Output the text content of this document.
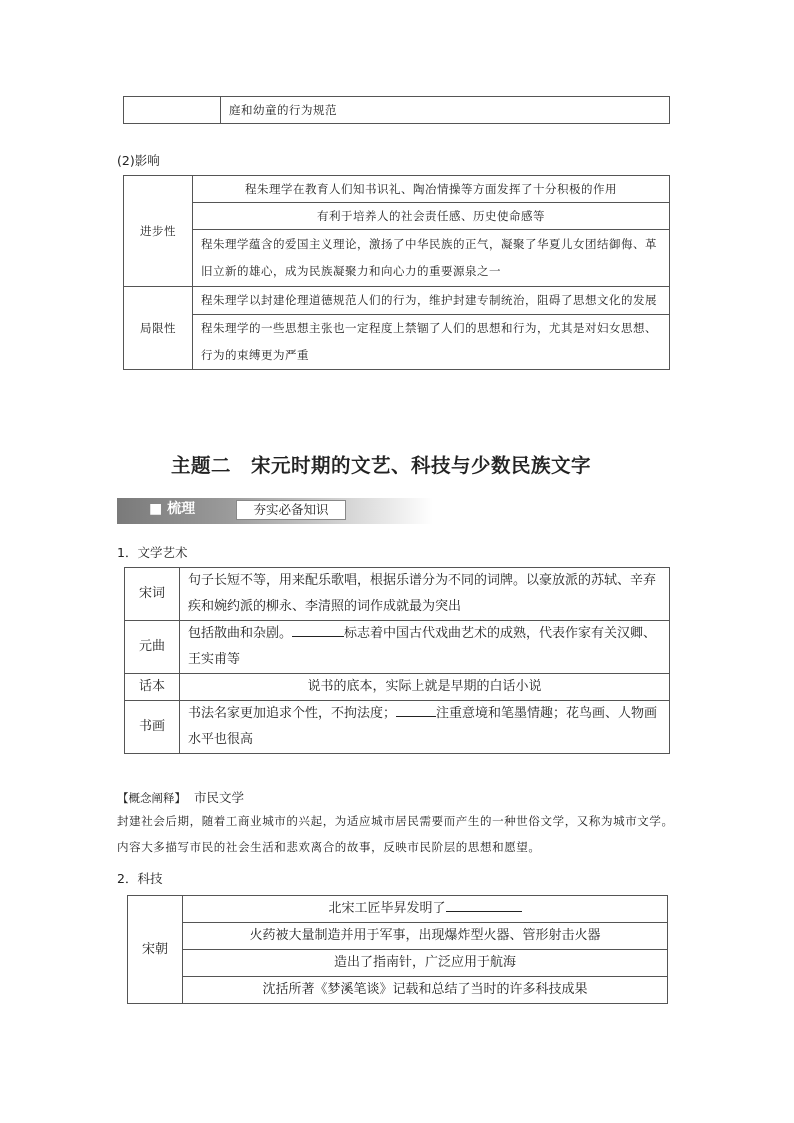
	庭和幼童的行为规范
(2)影响
进步性	程朱理学在教育人们知书识礼、陶冶情操等方面发挥了十分积极的作用
	有利于培养人的社会责任感、历史使命感等
	程朱理学蕴含的爱国主义理论，激扬了中华民族的正气，凝聚了华夏儿女团结御侮、革旧立新的雄心，成为民族凝聚力和向心力的重要源泉之一
局限性	程朱理学以封建伦理道德规范人们的行为，维护封建专制统治，阻碍了思想文化的发展
	程朱理学的一些思想主张也一定程度上禁锢了人们的思想和行为，尤其是对妇女思想、行为的束缚更为严重
主题二　宋元时期的文艺、科技与少数民族文字
■ 梳理	夯实必备知识
1．文学艺术
宋词	句子长短不等，用来配乐歌唱，根据乐谱分为不同的词牌。以豪放派的苏轼、辛弃疾和婉约派的柳永、李清照的词作成就最为突出
元曲	包括散曲和杂剧。 标志着中国古代戏曲艺术的成熟，代表作家有关汉卿、王实甫等
话本	说书的底本，实际上就是早期的白话小说
书画	书法名家更加追求个性，不拘法度； 注重意境和笔墨情趣；花鸟画、人物画水平也很高
【概念阐释】 市民文学
封建社会后期，随着工商业城市的兴起，为适应城市居民需要而产生的一种世俗文学，又称为城市文学。内容大多描写市民的社会生活和悲欢离合的故事，反映市民阶层的思想和愿望。
2．科技
宋朝	北宋工匠毕昇发明了
火药被大量制造并用于军事，出现爆炸型火器、管形射击火器
造出了指南针，广泛应用于航海
沈括所著《梦溪笔谈》记载和总结了当时的许多科技成果
